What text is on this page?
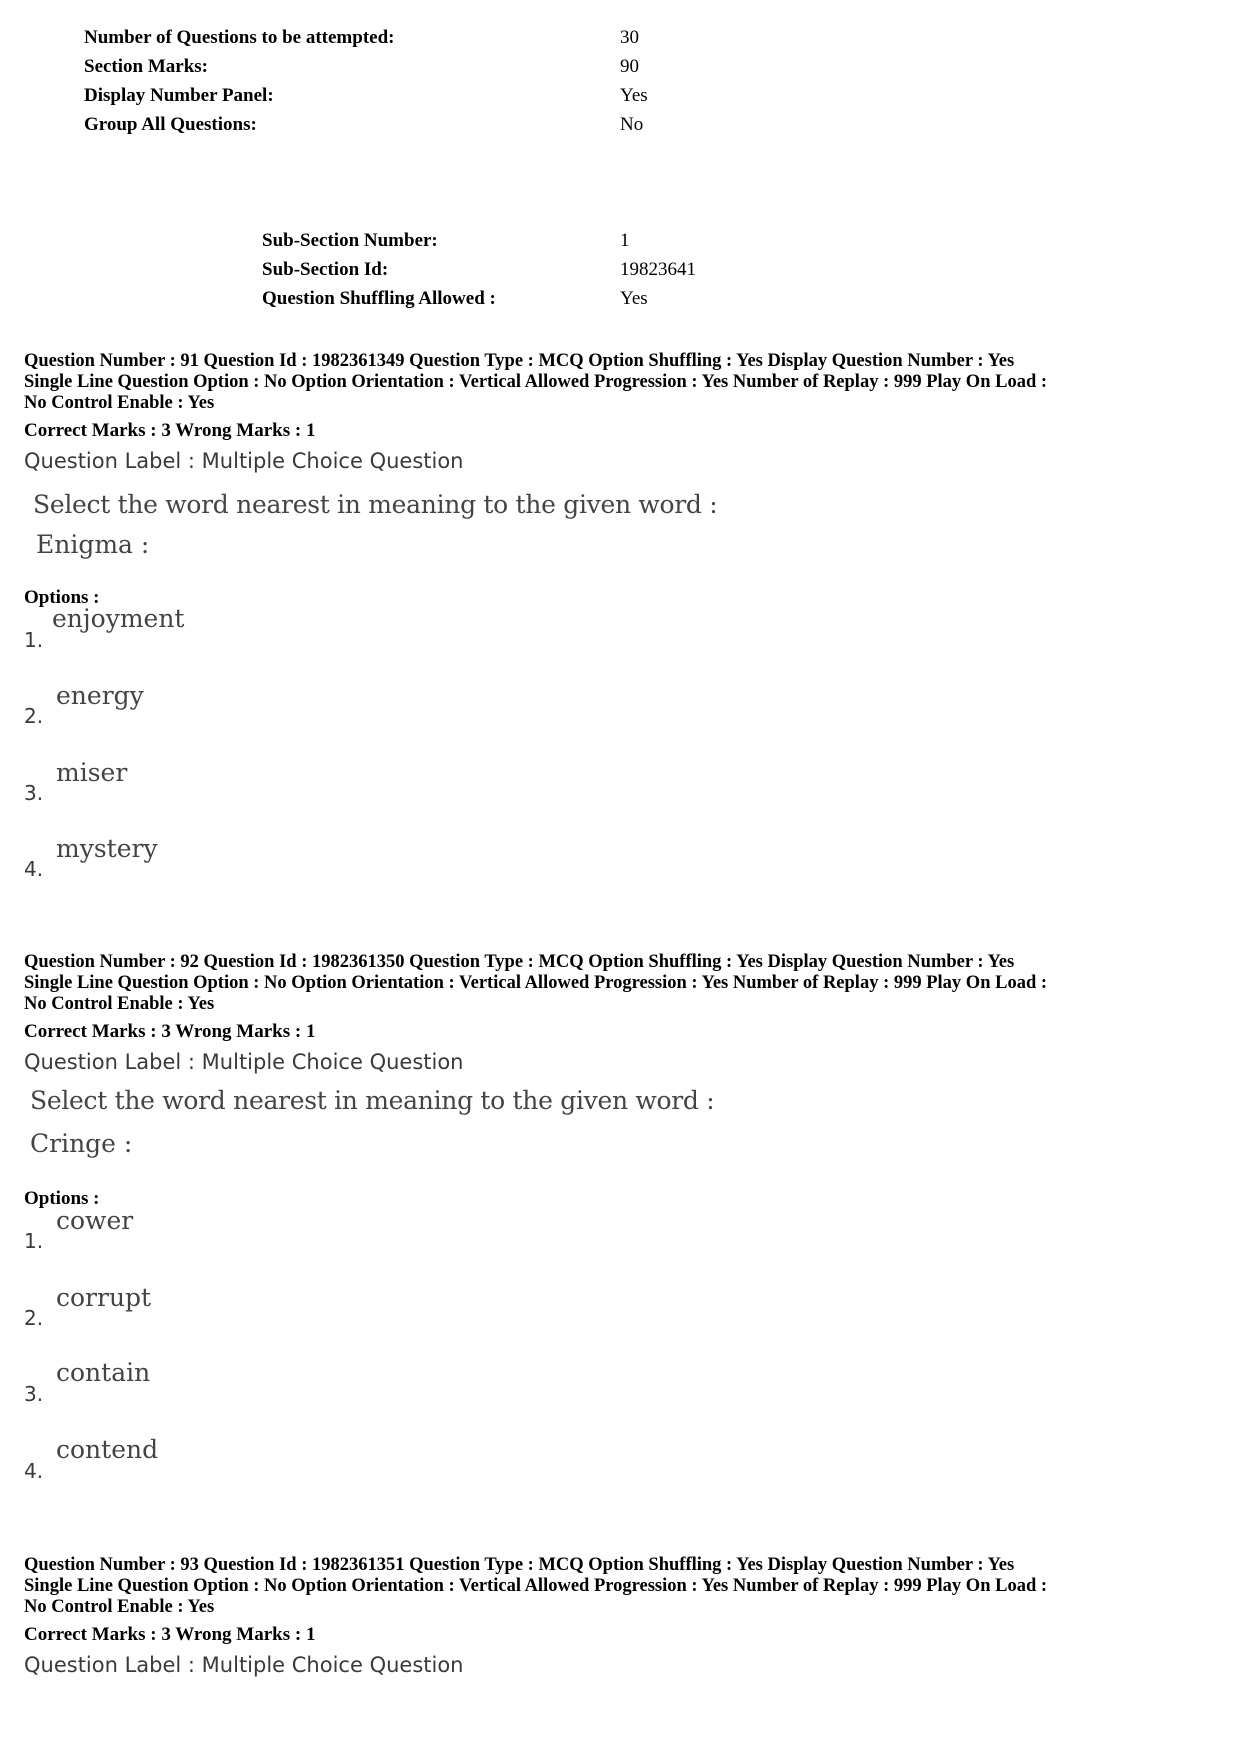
Number of Questions to be attempted:	30
Section Marks:	90
Display Number Panel:	Yes
Group All Questions:	No
Sub-Section Number:	1
Sub-Section Id:	19823641
Question Shuffling Allowed :	Yes
Question Number : 91 Question Id : 1982361349 Question Type : MCQ Option Shuffling : Yes Display Question Number : Yes
Single Line Question Option : No Option Orientation : Vertical Allowed Progression : Yes Number of Replay : 999 Play On Load :
No Control Enable : Yes
Correct Marks : 3 Wrong Marks : 1
Question Label : Multiple Choice Question
Select the word nearest in meaning to the given word :
Enigma :
Options :
1.
enjoyment
2.
energy
3.
miser
4.
mystery
Question Number : 92 Question Id : 1982361350 Question Type : MCQ Option Shuffling : Yes Display Question Number : Yes
Single Line Question Option : No Option Orientation : Vertical Allowed Progression : Yes Number of Replay : 999 Play On Load :
No Control Enable : Yes
Correct Marks : 3 Wrong Marks : 1
Question Label : Multiple Choice Question
Select the word nearest in meaning to the given word :
Cringe :
Options :
1.
cower
2.
corrupt
3.
contain
4.
contend
Question Number : 93 Question Id : 1982361351 Question Type : MCQ Option Shuffling : Yes Display Question Number : Yes
Single Line Question Option : No Option Orientation : Vertical Allowed Progression : Yes Number of Replay : 999 Play On Load :
No Control Enable : Yes
Correct Marks : 3 Wrong Marks : 1
Question Label : Multiple Choice Question
